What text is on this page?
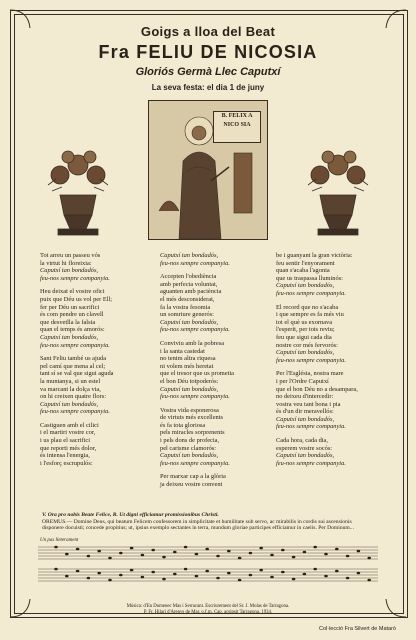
Goigs a lloa del Beat
Fra FELIU DE NICOSIA
Gloriós Germà Llec Caputxí
La seva festa: el dia 1 de juny
B. FELIX A NICO SIA

Tot arreu un passeu vós
la virtut hi floreixia:
Caputxí tan bondadós,
feu-nos sempre companyia.

Heu deixat el vostre ofici
puix que Déu us vol per Ell;
fer per Déu un sacrifici
és com pendre un clavell
que desvetlla la falsia
quan el temps és amorós:
Caputxí tan bondadós,
feu-nos sempre companyia.

Sant Feliu també us ajuda
pel camí que mena al cel;
tant sí se val que sigui aguda
la muntanya, si un estel
va marcant la dolça via,
on hi creixen quatre flors:
Caputxí tan bondadós,
feu-nos sempre companyia.

Castiguen amb el cilici
i el martiri vostre cor,
i us plau el sacrifici
que reporti més dolor,
és intensa l'energia,
i l'esforç escrupulós:

Caputxí tan bondadós,
feu-nos sempre companyia.

Accepten l'obediència
amb perfecta voluntat,
aguanten amb paciència
el més desconsiderat,
fa la vostra fesomia
un somriure generós:
Caputxí tan bondadós,
feu-nos sempre companyia.

Conviviu amb la pobresa
i la santa castedat
no tenim altra riquesa
ni volem més heretat
que el tresor que us prometia
el bon Déu totpoderós:
Caputxí tan bondadós,
feu-nos sempre companyia.

Vostra vida esponerosa
de virtuts més excellents
és fa tota gloriosa
pels miracles sorprenents
i pels dons de profecia,
pel carisme clamorós:
Caputxí tan bondadós,
feu-nos sempre companyia.

Per marxar cap a la glòria
ja deixeu vostre convent

be i guanyant la gran victòria:
feu sentir l'enyorament
quan s'acaba l'agonia
que us traspassa lluminós:
Caputxí tan bondadós,
feu-nos sempre companyia.

El record que no s'acaba
i que sempre es fa més viu
tot el què us exornava
l'esperit, per tots reviu;
feu que sigui cada dia
nostre cor més fervorós:
Caputxí tan bondadós,
feu-nos sempre companyia.

Per l'Església, nostra mare
i per l'Ordre Caputxí
que el bon Déu no a desampara,
no deixeu d'intercedir:
vostra veu tant bona i pia
és d'un dir meravellós:
Caputxí tan bondadós,
feu-nos sempre companyia.

Cada hora, cada dia,
esperem vostre socós:
Caputxí tan bondadós,
feu-nos sempre companyia.

V. Ora pro nobis Beate Felice, R. Ut digni efficiamur promissionibus Christi.

OREMUS.— Domine Deus, qui beatum Felicem confessorem in simplicitate et humilitate sub servo, ac mirabilis in cordis sui ascensionis disponere docuisti; concede propitius; ut, ipsius exemplo sectantes in terra, mundum gloriae participes efficiamur in caelis. Per Dominum...

Un pas lleterament
Música: d'En Domenec Mas i Serracant. Escriurement del Sr. J. Molas de Tarragona.
P. Fr. Hilari d'Arenys de Mar, o.f.m. Cap. acsipsit Tarragona, 1934.
Col·lecció Fra Silvert de Mataró
